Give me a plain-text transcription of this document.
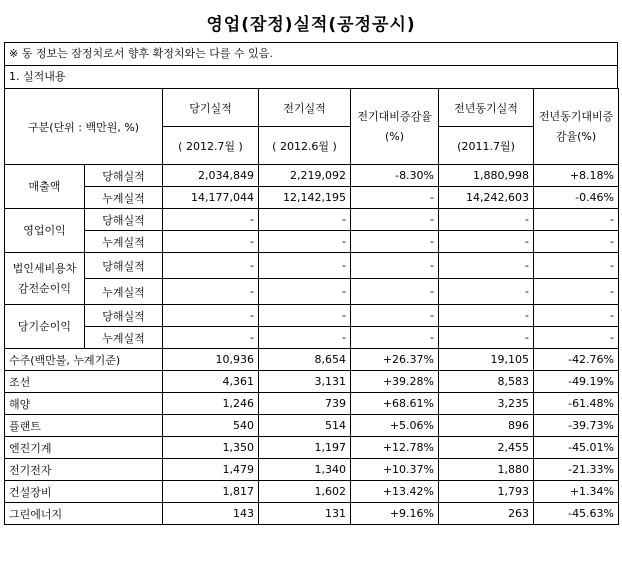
영업(잠정)실적(공정공시)
※ 동 정보는 잠정치로서 향후 확정치와는 다를 수 있음.
1. 실적내용
구분(단위 : 백만원, %)		당기실적	전기실적	전기대비증감율(%)	전년동기실적	전년동기대비증감율(%)
		( 2012.7월 )	( 2012.6월 )		(2011.7월)	
매출액	당해실적	2,034,849	2,219,092	-8.30%	1,880,998	+8.18%
	누계실적	14,177,044	12,142,195	-	14,242,603	-0.46%
영업이익	당해실적	-	-	-	-	-
	누계실적	-	-	-	-	-
법인세비용차감전순이익	당해실적	-	-	-	-	-
	누계실적	-	-	-	-	-
당기순이익	당해실적	-	-	-	-	-
	누계실적	-	-	-	-	-
수주(백만불, 누계기준)		10,936	8,654	+26.37%	19,105	-42.76%
조선		4,361	3,131	+39.28%	8,583	-49.19%
해양		1,246	739	+68.61%	3,235	-61.48%
플랜트		540	514	+5.06%	896	-39.73%
엔진기계		1,350	1,197	+12.78%	2,455	-45.01%
전기전자		1,479	1,340	+10.37%	1,880	-21.33%
건설장비		1,817	1,602	+13.42%	1,793	+1.34%
그린에너지		143	131	+9.16%	263	-45.63%
